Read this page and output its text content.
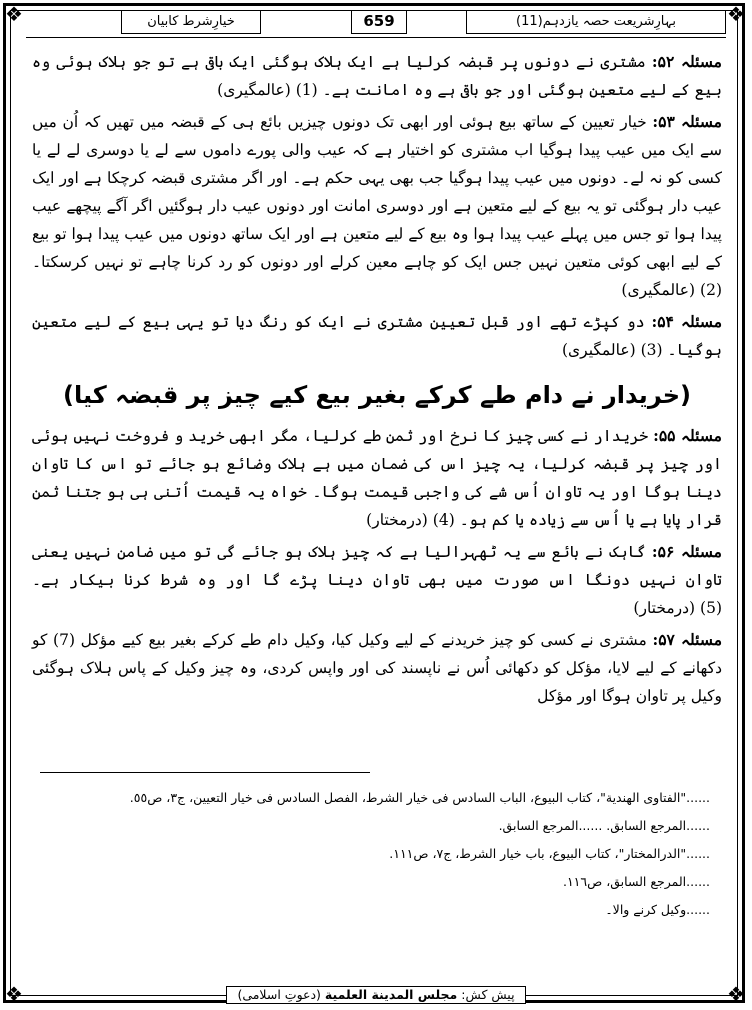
❖	❖
❖	❖
بہارِشریعت حصہ یازدہم(11)
659
خیارِشرط کابیان

مسئلہ ۵۲: مشتری نے دونوں پر قبضہ کرلیا ہے ایک ہلاک ہوگئی ایک باقی ہے تو جو ہلاک ہوئی وہ بیع کے لیے متعین ہوگئی اور جو باقی ہے وہ امانت ہے۔ (1) (عالمگیری)

مسئلہ ۵۳: خیار تعیین کے ساتھ بیع ہوئی اور ابھی تک دونوں چیزیں بائع ہی کے قبضہ میں تھیں کہ اُن میں سے ایک میں عیب پیدا ہوگیا اب مشتری کو اختیار ہے کہ عیب والی پورے داموں سے لے یا دوسری لے لے یا کسی کو نہ لے۔ دونوں میں عیب پیدا ہوگیا جب بھی یہی حکم ہے۔ اور اگر مشتری قبضہ کرچکا ہے اور ایک عیب دار ہوگئی تو یہ بیع کے لیے متعین ہے اور دوسری امانت اور دونوں عیب دار ہوگئیں اگر آگے پیچھے عیب پیدا ہوا تو جس میں پہلے عیب پیدا ہوا وہ بیع کے لیے متعین ہے اور ایک ساتھ دونوں میں عیب پیدا ہوا تو بیع کے لیے ابھی کوئی متعین نہیں جس ایک کو چاہے معین کرلے اور دونوں کو رد کرنا چاہے تو نہیں کرسکتا۔ (2) (عالمگیری)

مسئلہ ۵۴: دو کپڑے تھے اور قبل تعیین مشتری نے ایک کو رنگ دیا تو یہی بیع کے لیے متعین ہوگیا۔ (3) (عالمگیری)

(خریدار نے دام طے کرکے بغیر بیع کیے چیز پر قبضہ کیا)

مسئلہ ۵۵: خریدار نے کسی چیز کا نرخ اور ثمن طے کرلیا، مگر ابھی خرید و فروخت نہیں ہوئی اور چیز پر قبضہ کرلیا، یہ چیز اس کی ضمان میں ہے ہلاک وضائع ہو جائے تو اس کا تاوان دینا ہوگا اور یہ تاوان اُس شے کی واجبی قیمت ہوگا۔ خواہ یہ قیمت اُتنی ہی ہو جتنا ثمن قرار پایا ہے یا اُس سے زیادہ یا کم ہو۔ (4) (درمختار)

مسئلہ ۵۶: گاہک نے بائع سے یہ ٹھہرالیا ہے کہ چیز ہلاک ہو جائے گی تو میں ضامن نہیں یعنی تاوان نہیں دونگا اس صورت میں بھی تاوان دینا پڑے گا اور وہ شرط کرنا بیکار ہے۔ (5) (درمختار)

مسئلہ ۵۷: مشتری نے کسی کو چیز خریدنے کے لیے وکیل کیا، وکیل دام طے کرکے بغیر بیع کیے مؤکل (7) کو دکھانے کے لیے لایا، مؤکل کو دکھائی اُس نے ناپسند کی اور واپس کردی، وہ چیز وکیل کے پاس ہلاک ہوگئی وکیل پر تاوان ہوگا اور مؤکل

......"الفتاوی الهندية"، كتاب البيوع، الباب السادس فی خيار الشرط، الفصل السادس فی خيار التعيين، ج٣، ص٥٥.

......المرجع السابق. ......المرجع السابق.

......"الدرالمختار"، كتاب البيوع، باب خيار الشرط، ج٧، ص١١١.

......المرجع السابق، ص١١٦.

......وکیل کرنے والا۔

پیش کش: مجلس المدينة العلمية (دعوتِ اسلامی)
